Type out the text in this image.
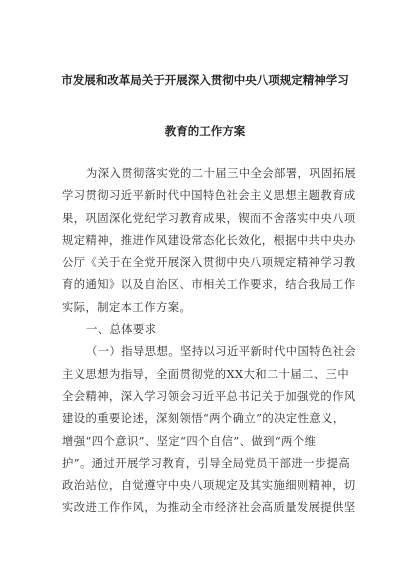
市发展和改革局关于开展深入贯彻中央八项规定精神学习
教育的工作方案
为深入贯彻落实党的二十届三中全会部署，巩固拓展
学习贯彻习近平新时代中国特色社会主义思想主题教育成
果，巩固深化党纪学习教育成果，锲而不舍落实中央八项
规定精神，推进作风建设常态化长效化，根据中共中央办
公厅《关于在全党开展深入贯彻中央八项规定精神学习教
育的通知》以及自治区、市相关工作要求，结合我局工作
实际，制定本工作方案。
一、总体要求
（一）指导思想。坚持以习近平新时代中国特色社会
主义思想为指导，全面贯彻党的XX大和二十届二、三中
全会精神，深入学习领会习近平总书记关于加强党的作风
建设的重要论述，深刻领悟“两个确立”的决定性意义，
增强“四个意识”、坚定“四个自信”、做到“两个维
护”。通过开展学习教育，引导全局党员干部进一步提高
政治站位，自觉遵守中央八项规定及其实施细则精神，切
实改进工作作风，为推动全市经济社会高质量发展提供坚
